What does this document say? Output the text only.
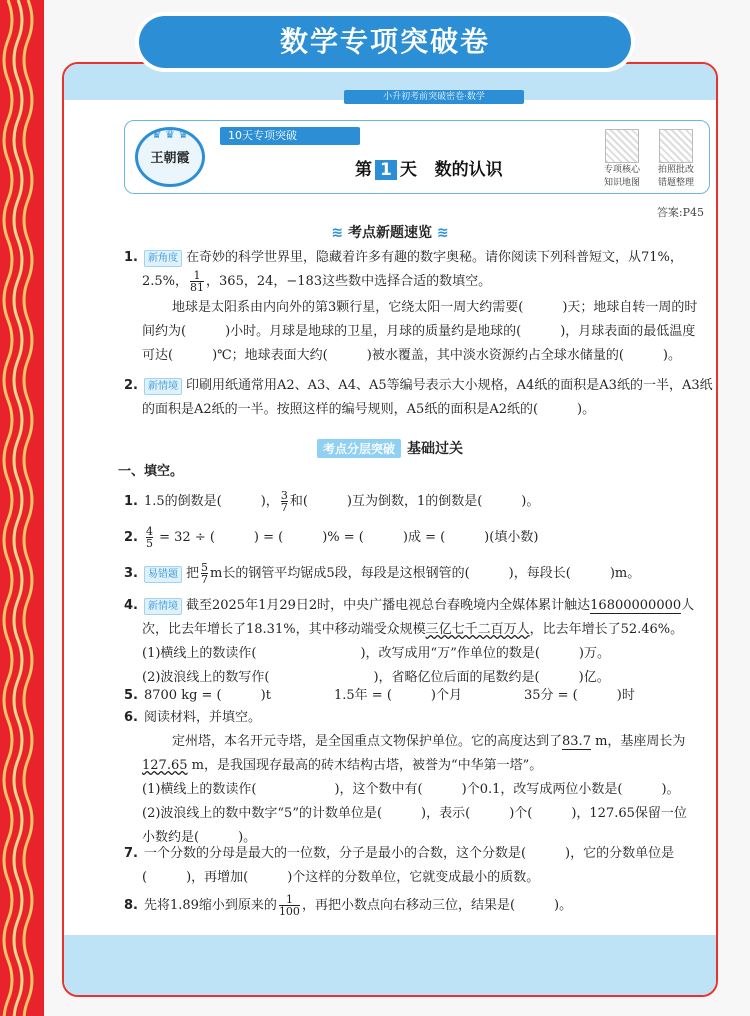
小升初考前突破密卷·数学
♛ ♛ ♛
王朝霞
10天专项突破
第 1 天 数的认识	专项核心
知识地图
拍照批改
错题整理
答案:P45
≋ 考点新题速览 ≋
数学专项突破卷
1. 新角度 在奇妙的科学世界里，隐藏着许多有趣的数字奥秘。请你阅读下列科普短文，从71%，
2.5%， $\frac{1}{81}$ ，365，24，−183这些数中选择合适的数填空。
地球是太阳系由内向外的第3颗行星，它绕太阳一周大约需要(　　　)天；地球自转一周的时
间约为(　　　)小时。月球是地球的卫星，月球的质量约是地球的(　　　)，月球表面的最低温度
可达(　　　)℃；地球表面大约(　　　)被水覆盖，其中淡水资源约占全球水储量的(　　　)。
2. 新情境 印刷用纸通常用A2、A3、A4、A5等编号表示大小规格，A4纸的面积是A3纸的一半，A3纸
的面积是A2纸的一半。按照这样的编号规则，A5纸的面积是A2纸的(　　　)。
考点分层突破 基础过关
一、填空。
1. 1.5的倒数是(　　　)， $\frac{3}{7}$ 和(　　　)互为倒数，1的倒数是(　　　)。
2. $\frac{4}{5} = 32$ ÷ (　　　) = (　　　)% = (　　　)成 = (　　　)(填小数)
3. 易错题 把 $\frac{5}{7}$ m长的钢管平均锯成5段，每段是这根钢管的(　　　)，每段长(　　　)m。
4. 新情境 截至2025年1月29日2时，中央广播电视总台春晚境内全媒体累计触达16800000000人
次，比去年增长了18.31%，其中移动端受众规模三亿七千二百万人，比去年增长了52.46%。
(1)横线上的数读作(　　　　　　　　)，改写成用“万”作单位的数是(　　　)万。
(2)波浪线上的数写作(　　　　　　　　)，省略亿位后面的尾数约是(　　　)亿。
5. 8700 kg = (　　　)t	1.5年 = (　　　)个月	35分 = (　　　)时
6. 阅读材料，并填空。
定州塔，本名开元寺塔，是全国重点文物保护单位。它的高度达到了83.7 m，基座周长为
127.65 m，是我国现存最高的砖木结构古塔，被誉为“中华第一塔”。
(1)横线上的数读作(　　　　　　)，这个数中有(　　　)个0.1，改写成两位小数是(　　　)。
(2)波浪线上的数中数字“5”的计数单位是(　　　)，表示(　　　)个(　　　)，127.65保留一位
小数约是(　　　)。
7. 一个分数的分母是最大的一位数，分子是最小的合数，这个分数是(　　　)，它的分数单位是
(　　　)，再增加(　　　)个这样的分数单位，它就变成最小的质数。
8. 先将1.89缩小到原来的 $\frac{1}{100}$ ，再把小数点向右移动三位，结果是(　　　)。
